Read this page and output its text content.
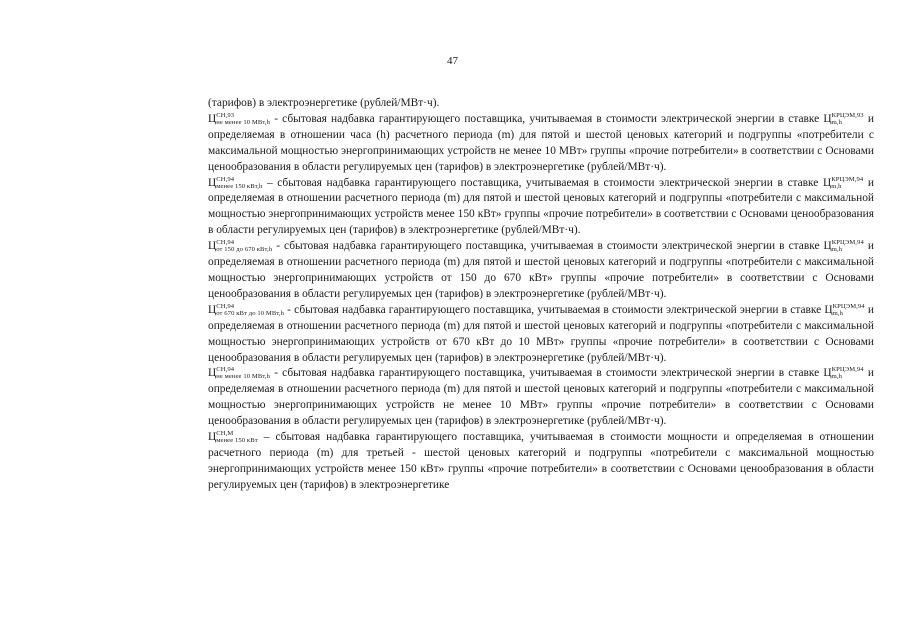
47

(тарифов) в электроэнергетике (рублей/МВт·ч).

Ц СН,93
не менее 10 МВт,h - сбытовая надбавка гарантирующего поставщика, учитываемая в стоимости электрической энергии в ставке Ц КРЦЭМ,93
m,h	и определяемая в отношении часа (h) расчетного периода (m) для пятой и шестой ценовых категорий и подгруппы «потребители с максимальной мощностью энергопринимающих устройств не менее 10 МВт» группы «прочие потребители» в соответствии с Основами ценообразования в области регулируемых цен (тарифов) в электроэнергетике (рублей/МВт·ч).

Ц СН,94
менее 150 кВт,h – сбытовая надбавка гарантирующего поставщика, учитываемая в стоимости электрической энергии в ставке Ц КРЦЭМ,94
m,h	и определяемая в отношении расчетного периода (m) для пятой и шестой ценовых категорий и подгруппы «потребители с максимальной мощностью энергопринимающих устройств менее 150 кВт» группы «прочие потребители» в соответствии с Основами ценообразования в области регулируемых цен (тарифов) в электроэнергетике (рублей/МВт·ч).

Ц СН,94
от 150 до 670 кВт,h - сбытовая надбавка гарантирующего поставщика, учитываемая в стоимости электрической энергии в ставке Ц КРЦЭМ,94
m,h	и определяемая в отношении расчетного периода (m) для пятой и шестой ценовых категорий и подгруппы «потребители с максимальной мощностью энергопринимающих устройств от 150 до 670 кВт» группы «прочие потребители» в соответствии с Основами ценообразования в области регулируемых цен (тарифов) в электроэнергетике (рублей/МВт·ч).

Ц СН,94
от 670 кВт до 10 МВт,h - сбытовая надбавка гарантирующего поставщика, учитываемая в стоимости электрической энергии в ставке Ц КРЦЭМ,94
m,h	и определяемая в отношении расчетного периода (m) для пятой и шестой ценовых категорий и подгруппы «потребители с максимальной мощностью энергопринимающих устройств от 670 кВт до 10 МВт» группы «прочие потребители» в соответствии с Основами ценообразования в области регулируемых цен (тарифов) в электроэнергетике (рублей/МВт·ч).

Ц СН,94
не менее 10 МВт,h - сбытовая надбавка гарантирующего поставщика, учитываемая в стоимости электрической энергии в ставке Ц КРЦЭМ,94
m,h	и определяемая в отношении расчетного периода (m) для пятой и шестой ценовых категорий и подгруппы «потребители с максимальной мощностью энергопринимающих устройств не менее 10 МВт» группы «прочие потребители» в соответствии с Основами ценообразования в области регулируемых цен (тарифов) в электроэнергетике (рублей/МВт·ч).

Ц СН,М
менее 150 кВт – сбытовая надбавка гарантирующего поставщика, учитываемая в стоимости мощности и определяемая в отношении расчетного периода (m) для третьей - шестой ценовых категорий и подгруппы «потребители с максимальной мощностью энергопринимающих устройств менее 150 кВт» группы «прочие потребители» в соответствии с Основами ценообразования в области регулируемых цен (тарифов) в электроэнергетике
